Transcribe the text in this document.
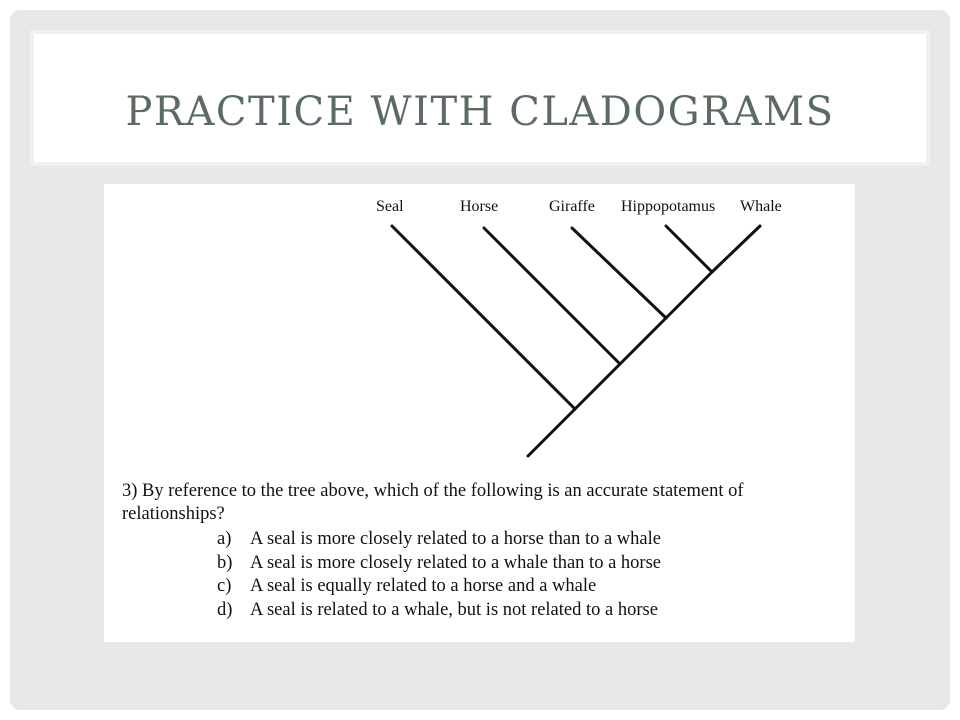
PRACTICE WITH CLADOGRAMS
Seal	Horse	Giraffe Hippopotamus Whale

3) By reference to the tree above, which of the following is an accurate statement of relationships?

a) A seal is more closely related to a horse than to a whale
b) A seal is more closely related to a whale than to a horse
c) A seal is equally related to a horse and a whale
d) A seal is related to a whale, but is not related to a horse
